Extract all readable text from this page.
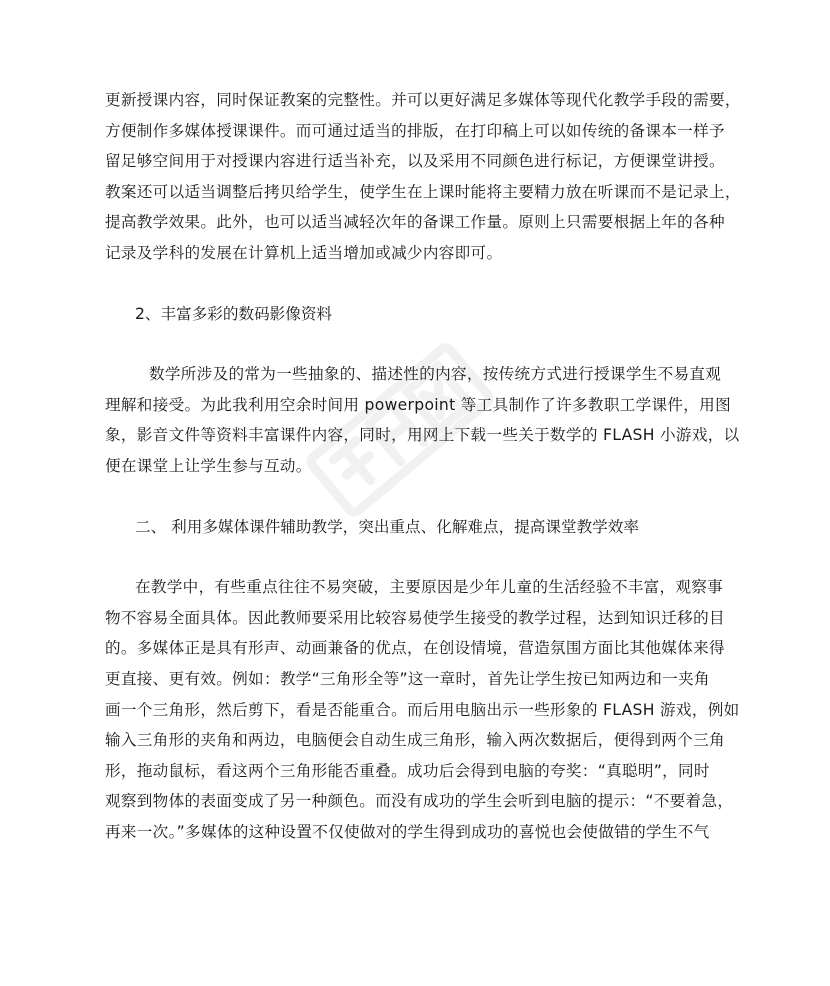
更新授课内容，同时保证教案的完整性。并可以更好满足多媒体等现代化教学手段的需要，
方便制作多媒体授课课件。而可通过适当的排版，在打印稿上可以如传统的备课本一样予
留足够空间用于对授课内容进行适当补充，以及采用不同颜色进行标记，方便课堂讲授。
教案还可以适当调整后拷贝给学生，使学生在上课时能将主要精力放在听课而不是记录上，
提高教学效果。此外，也可以适当减轻次年的备课工作量。原则上只需要根据上年的各种
记录及学科的发展在计算机上适当增加或减少内容即可。
2、丰富多彩的数码影像资料
数学所涉及的常为一些抽象的、描述性的内容，按传统方式进行授课学生不易直观
理解和接受。为此我利用空余时间用 powerpoint 等工具制作了许多教职工学课件，用图
象，影音文件等资料丰富课件内容，同时，用网上下载一些关于数学的 FLASH 小游戏，以
便在课堂上让学生参与互动。
二、 利用多媒体课件辅助教学，突出重点、化解难点，提高课堂教学效率
在教学中，有些重点往往不易突破，主要原因是少年儿童的生活经验不丰富，观察事
物不容易全面具体。因此教师要采用比较容易使学生接受的教学过程，达到知识迁移的目
的。多媒体正是具有形声、动画兼备的优点，在创设情境，营造氛围方面比其他媒体来得
更直接、更有效。例如：教学“三角形全等”这一章时，首先让学生按已知两边和一夹角
画一个三角形，然后剪下，看是否能重合。而后用电脑出示一些形象的 FLASH 游戏，例如
输入三角形的夹角和两边，电脑便会自动生成三角形，输入两次数据后，便得到两个三角
形，拖动鼠标，看这两个三角形能否重叠。成功后会得到电脑的夸奖：“真聪明”，同时
观察到物体的表面变成了另一种颜色。而没有成功的学生会听到电脑的提示：“不要着急，
再来一次。”多媒体的这种设置不仅使做对的学生得到成功的喜悦也会使做错的学生不气
